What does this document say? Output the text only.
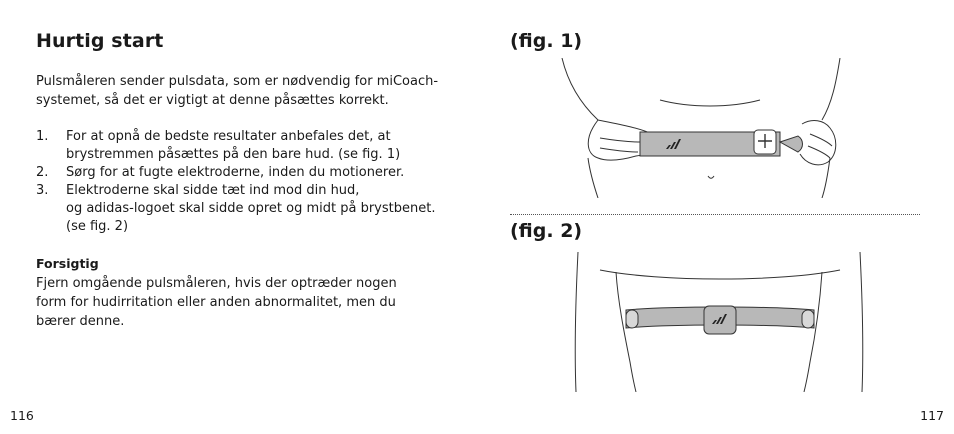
Hurtig start
Pulsmåleren sender pulsdata, som er nødvendig for miCoach-
systemet, så det er vigtigt at denne påsættes korrekt.
1.	For at opnå de bedste resultater anbefales det, at
brystremmen påsættes på den bare hud. (se fig. 1)
2.	Sørg for at fugte elektroderne, inden du motionerer.
3.	Elektroderne skal sidde tæt ind mod din hud,
og adidas-logoet skal sidde opret og midt på brystbenet.
(se fig. 2)
Forsigtig
Fjern omgående pulsmåleren, hvis der optræder nogen
form for hudirritation eller anden abnormalitet, men du
bærer denne.
116
(fig. 1)
(fig. 2)
117
